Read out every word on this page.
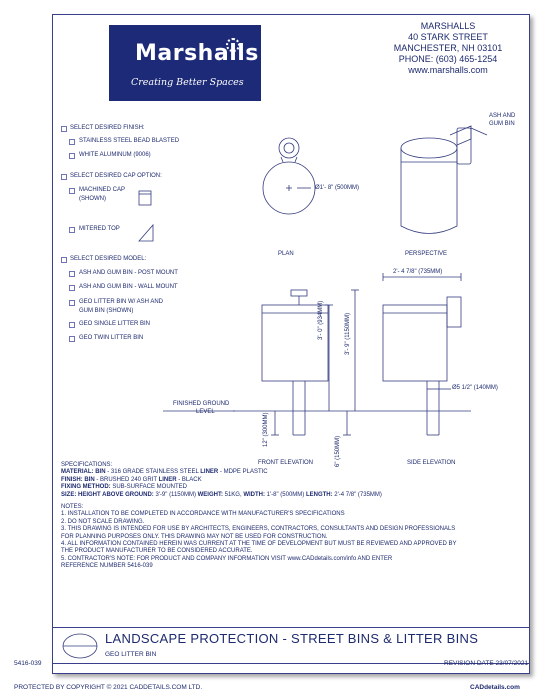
Marshalls
Creating Better Spaces
MARSHALLS
40 STARK STREET
MANCHESTER, NH 03101
PHONE: (603) 465-1254
www.marshalls.com
SELECT DESIRED FINISH:
STAINLESS STEEL BEAD BLASTED
WHITE ALUMINUM (9006)
SELECT DESIRED CAP OPTION:
MACHINED CAP
(SHOWN)
MITERED TOP
SELECT DESIRED MODEL:
ASH AND GUM BIN - POST MOUNT
ASH AND GUM BIN - WALL MOUNT
GEO LITTER BIN W/ ASH AND
GUM BIN (SHOWN)
GEO SINGLE LITTER BIN
GEO TWIN LITTER BIN
Ø1'- 8" (500MM)
PLAN	PERSPECTIVE
ASH AND
GUM BIN
2'- 4 7/8" (735MM)
Ø5 1/2" (140MM)
FINISHED GROUND
LEVEL
FRONT ELEVATION	SIDE ELEVATION
3'- 0" (934MM)	3'- 9" (1150MM)
12" (300MM)
6" (150MM)
SPECIFICATIONS:
MATERIAL: BIN - 316 GRADE STAINLESS STEEL LINER - MDPE PLASTIC
FINISH: BIN - BRUSHED 240 GRIT LINER - BLACK
FIXING METHOD: SUB-SURFACE MOUNTED
SIZE: HEIGHT ABOVE GROUND: 3'-9" (1150MM) WEIGHT: 51KG, WIDTH: 1'-8" (500MM) LENGTH: 2'-4 7/8" (735MM)
NOTES:
1. INSTALLATION TO BE COMPLETED IN ACCORDANCE WITH MANUFACTURER'S SPECIFICATIONS
2. DO NOT SCALE DRAWING.
3. THIS DRAWING IS INTENDED FOR USE BY ARCHITECTS, ENGINEERS, CONTRACTORS, CONSULTANTS AND DESIGN PROFESSIONALS
FOR PLANNING PURPOSES ONLY. THIS DRAWING MAY NOT BE USED FOR CONSTRUCTION.
4. ALL INFORMATION CONTAINED HEREIN WAS CURRENT AT THE TIME OF DEVELOPMENT BUT MUST BE REVIEWED AND APPROVED BY
THE PRODUCT MANUFACTURER TO BE CONSIDERED ACCURATE.
5. CONTRACTOR'S NOTE: FOR PRODUCT AND COMPANY INFORMATION VISIT www.CADdetails.com/info AND ENTER
REFERENCE NUMBER 5416-039
LANDSCAPE PROTECTION - STREET BINS & LITTER BINS
GEO LITTER BIN
5416-039	REVISION DATE 23/07/2021
PROTECTED BY COPYRIGHT © 2021 CADDETAILS.COM LTD.	CADdetails.com
